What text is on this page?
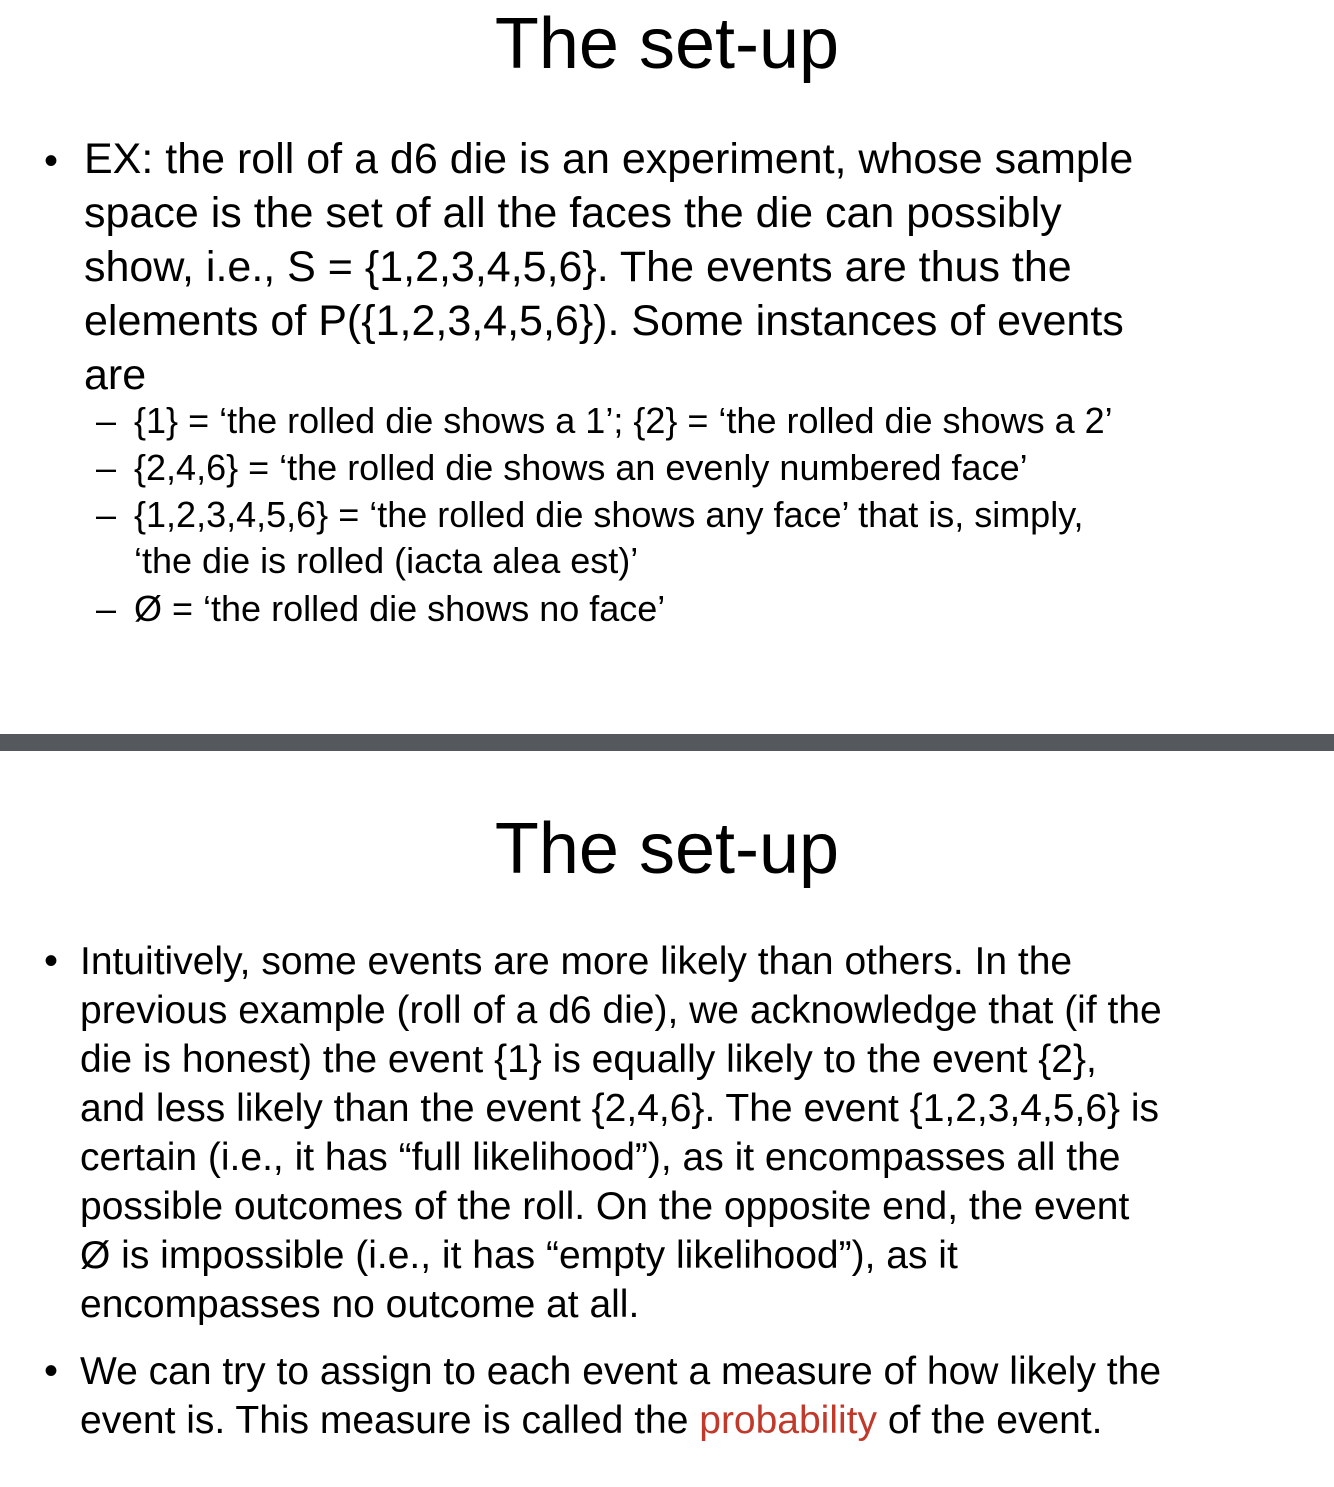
The set-up
• EX: the roll of a d6 die is an experiment, whose sample
space is the set of all the faces the die can possibly
show, i.e., S = {1,2,3,4,5,6}. The events are thus the
elements of P({1,2,3,4,5,6}). Some instances of events
are
– {1} = ‘the rolled die shows a 1’; {2} = ‘the rolled die shows a 2’
– {2,4,6} = ‘the rolled die shows an evenly numbered face’
– {1,2,3,4,5,6} = ‘the rolled die shows any face’ that is, simply,
‘the die is rolled (iacta alea est)’
– Ø = ‘the rolled die shows no face’
The set-up
• Intuitively, some events are more likely than others. In the
previous example (roll of a d6 die), we acknowledge that (if the
die is honest) the event {1} is equally likely to the event {2},
and less likely than the event {2,4,6}. The event {1,2,3,4,5,6} is
certain (i.e., it has “full likelihood”), as it encompasses all the
possible outcomes of the roll. On the opposite end, the event
Ø is impossible (i.e., it has “empty likelihood”), as it
encompasses no outcome at all.
• We can try to assign to each event a measure of how likely the
event is. This measure is called the probability of the event.
